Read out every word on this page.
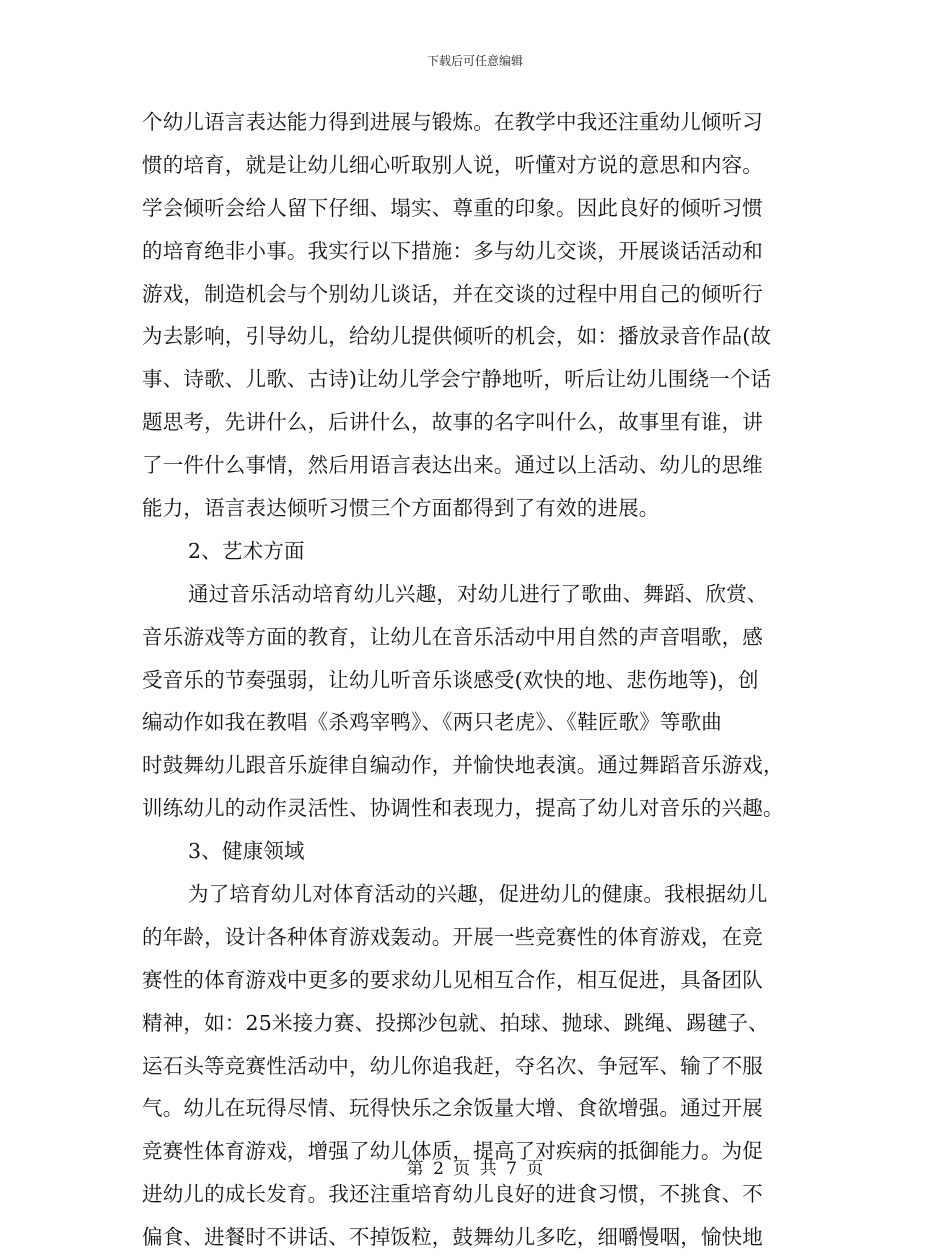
下载后可任意编辑
个幼儿语言表达能力得到进展与锻炼。在教学中我还注重幼儿倾听习
惯的培育，就是让幼儿细心听取别人说，听懂对方说的意思和内容。
学会倾听会给人留下仔细、塌实、尊重的印象。因此良好的倾听习惯
的培育绝非小事。我实行以下措施：多与幼儿交谈，开展谈话活动和
游戏，制造机会与个别幼儿谈话，并在交谈的过程中用自己的倾听行
为去影响，引导幼儿，给幼儿提供倾听的机会，如：播放录音作品(故
事、诗歌、儿歌、古诗)让幼儿学会宁静地听，听后让幼儿围绕一个话
题思考，先讲什么，后讲什么，故事的名字叫什么，故事里有谁，讲
了一件什么事情，然后用语言表达出来。通过以上活动、幼儿的思维
能力，语言表达倾听习惯三个方面都得到了有效的进展。
2、艺术方面
通过音乐活动培育幼儿兴趣，对幼儿进行了歌曲、舞蹈、欣赏、
音乐游戏等方面的教育，让幼儿在音乐活动中用自然的声音唱歌，感
受音乐的节奏强弱，让幼儿听音乐谈感受(欢快的地、悲伤地等)，创
编动作如我在教唱《杀鸡宰鸭》、《两只老虎》、《鞋匠歌》等歌曲
时鼓舞幼儿跟音乐旋律自编动作，并愉快地表演。通过舞蹈音乐游戏，
训练幼儿的动作灵活性、协调性和表现力，提高了幼儿对音乐的兴趣。
3、健康领域
为了培育幼儿对体育活动的兴趣，促进幼儿的健康。我根据幼儿
的年龄，设计各种体育游戏轰动。开展一些竞赛性的体育游戏，在竞
赛性的体育游戏中更多的要求幼儿见相互合作，相互促进，具备团队
精神，如：25米接力赛、投掷沙包就、拍球、抛球、跳绳、踢毽子、
运石头等竞赛性活动中，幼儿你追我赶，夺名次、争冠军、输了不服
气。幼儿在玩得尽情、玩得快乐之余饭量大增、食欲增强。通过开展
竞赛性体育游戏，增强了幼儿体质，提高了对疾病的抵御能力。为促
进幼儿的成长发育。我还注重培育幼儿良好的进食习惯，不挑食、不
偏食、进餐时不讲话、不掉饭粒，鼓舞幼儿多吃，细嚼慢咽，愉快地
第 2 页 共 7 页
